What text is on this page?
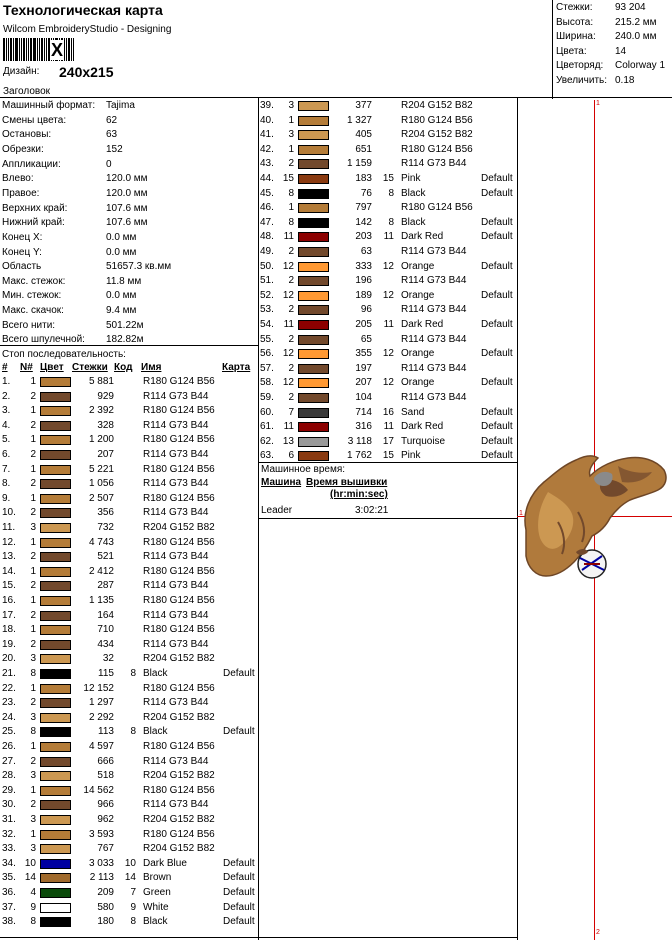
Технологическая карта
Wilcom EmbroideryStudio - Designing
X
Дизайн: 240x215
Заголовок
Стежки: 93 204
Высота: 215.2 мм
Ширина: 240.0 мм
Цвета:	14
Цветоряд: Colorway 1
Увеличить: 0.18
Машинный формат: Tajima
Смены цвета:	62
Остановы:	63
Обрезки:	152
Аппликации:	0
Влево:	120.0 мм
Правое:	120.0 мм
Верхних край:	107.6 мм
Нижний край:	107.6 мм
Конец X:	0.0 мм
Конец Y:	0.0 мм
Область	51657.3 кв.мм
Макс. стежок:	11.8 мм
Мин. стежок:	0.0 мм
Макс. скачок:	9.4 мм
Всего нити:	501.22м
Всего шпулечной: 182.82м
Стоп последовательность:
# N# Цвет Стежки Код Имя	Карта
1.	1	5 881	R180 G124 B56
2.	2	929	R114 G73 B44
3.	1	2 392	R180 G124 B56
4.	2	328	R114 G73 B44
5.	1	1 200	R180 G124 B56
6.	2	207	R114 G73 B44
7.	1	5 221	R180 G124 B56
8.	2	1 056	R114 G73 B44
9.	1	2 507	R180 G124 B56
10.	2	356	R114 G73 B44
11.	3	732	R204 G152 B82
12.	1	4 743	R180 G124 B56
13.	2	521	R114 G73 B44
14.	1	2 412	R180 G124 B56
15.	2	287	R114 G73 B44
16.	1	1 135	R180 G124 B56
17.	2	164	R114 G73 B44
18.	1	710	R180 G124 B56
19.	2	434	R114 G73 B44
20.	3	32	R204 G152 B82
21.	8	115	8 Black	Default
22.	1	12 152	R180 G124 B56
23.	2	1 297	R114 G73 B44
24.	3	2 292	R204 G152 B82
25.	8	113	8 Black	Default
26.	1	4 597	R180 G124 B56
27.	2	666	R114 G73 B44
28.	3	518	R204 G152 B82
29.	1	14 562	R180 G124 B56
30.	2	966	R114 G73 B44
31.	3	962	R204 G152 B82
32.	1	3 593	R180 G124 B56
33.	3	767	R204 G152 B82
34. 10	3 033	10 Dark Blue	Default
35. 14	2 113	14 Brown	Default
36.	4	209	7 Green	Default
37.	9	580	9 White	Default
38.	8	180	8 Black	Default
39.	3	377	R204 G152 B82
40.	1	1 327	R180 G124 B56
41.	3	405	R204 G152 B82
42.	1	651	R180 G124 B56
43.	2	1 159	R114 G73 B44
44. 15	183	15 Pink	Default
45.	8	76	8 Black	Default
46.	1	797	R180 G124 B56
47.	8	142	8 Black	Default
48. 11	203	11 Dark Red	Default
49.	2	63	R114 G73 B44
50. 12	333	12 Orange	Default
51.	2	196	R114 G73 B44
52. 12	189	12 Orange	Default
53.	2	96	R114 G73 B44
54. 11	205	11 Dark Red	Default
55.	2	65	R114 G73 B44
56. 12	355	12 Orange	Default
57.	2	197	R114 G73 B44
58. 12	207	12 Orange	Default
59.	2	104	R114 G73 B44
60.	7	714	16 Sand	Default
61. 11	316	11 Dark Red	Default
62. 13	3 118	17 Turquoise	Default
63.	6	1 762	15 Pink	Default
Машинное время:
Машина Время вышивки
(hr:min:sec)
Leader	3:02:21
1
1
2
